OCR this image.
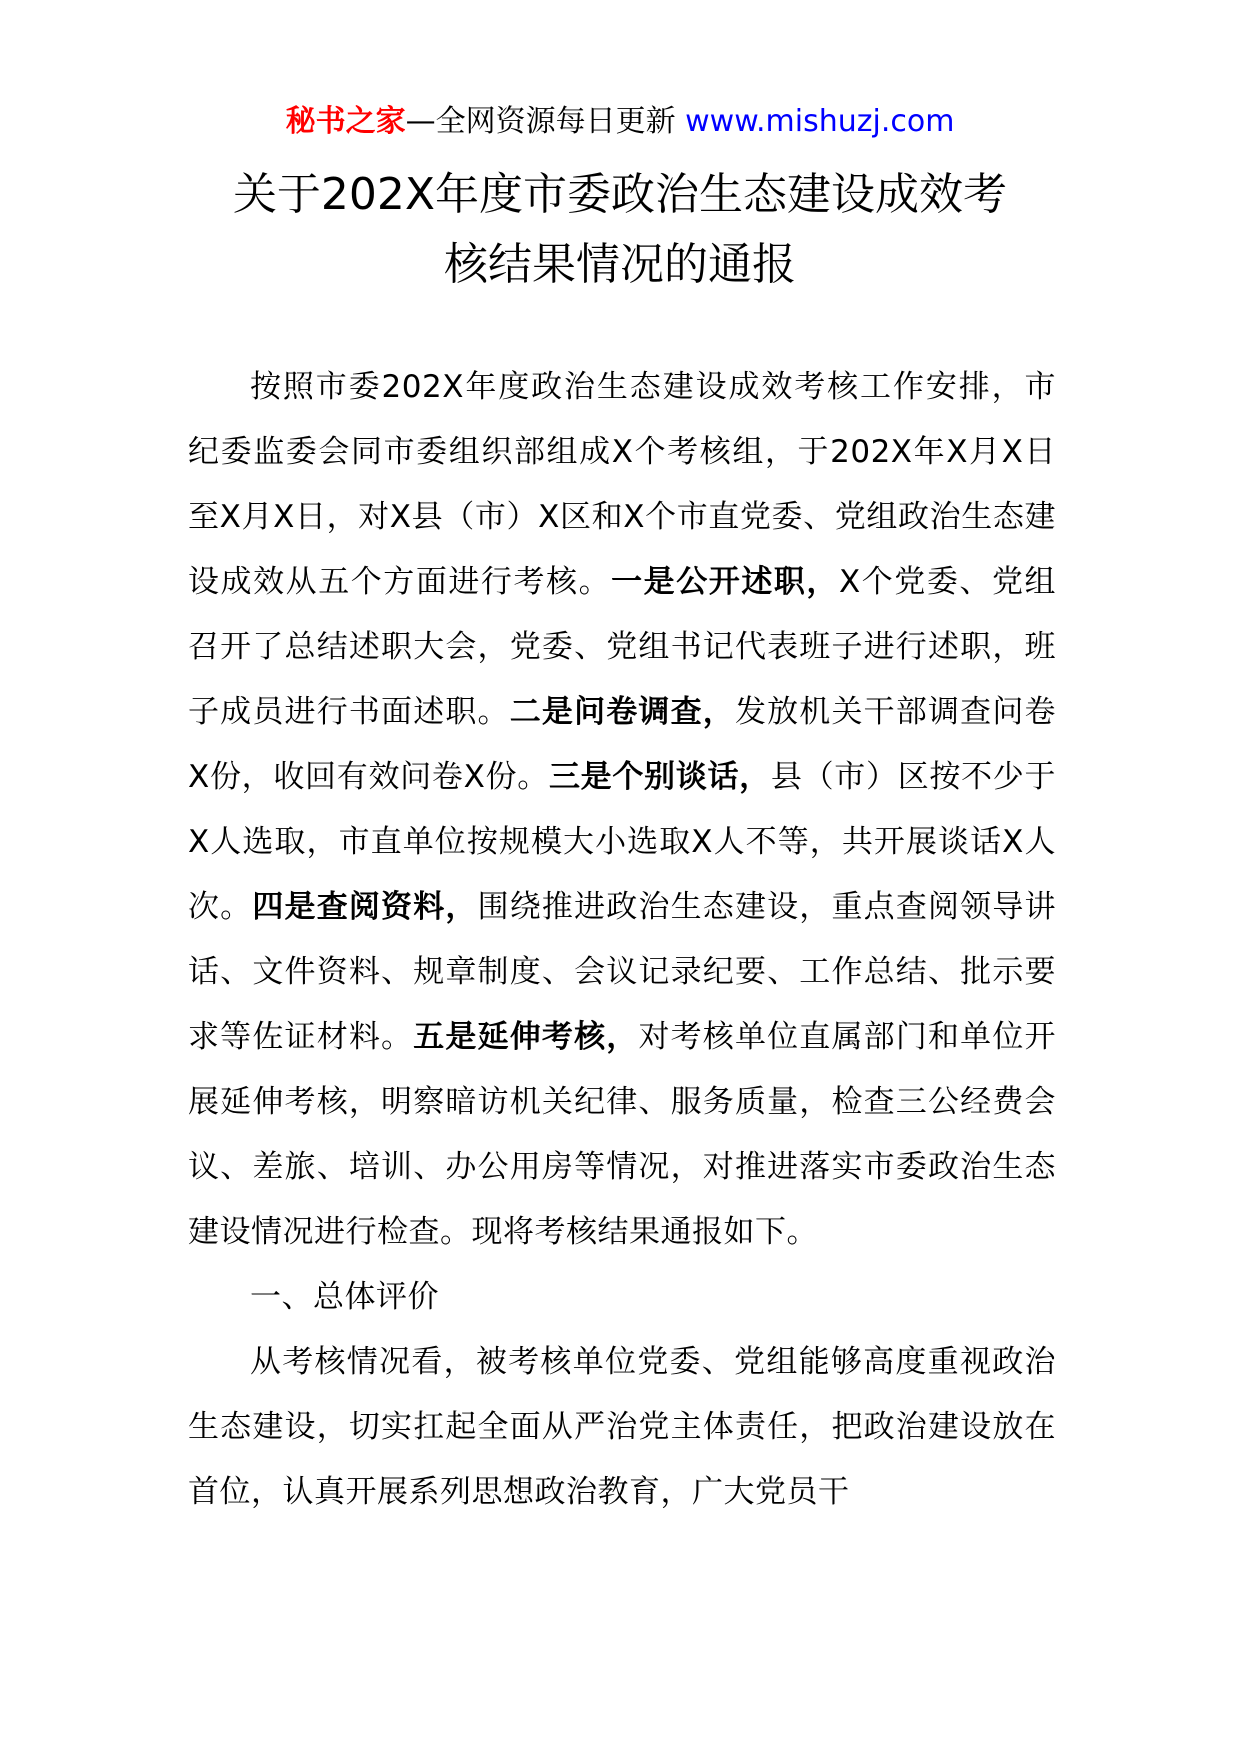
秘书之家—全网资源每日更新 www.mishuzj.com
关于202X年度市委政治生态建设成效考
核结果情况的通报

按照市委202X年度政治生态建设成效考核工作安排，市纪委监委会同市委组织部组成X个考核组，于202X年X月X日至X月X日，对X县（市）X区和X个市直党委、党组政治生态建设成效从五个方面进行考核。一是公开述职，X个党委、党组召开了总结述职大会，党委、党组书记代表班子进行述职，班子成员进行书面述职。二是问卷调查，发放机关干部调查问卷X份，收回有效问卷X份。三是个别谈话，县（市）区按不少于X人选取，市直单位按规模大小选取X人不等，共开展谈话X人次。四是查阅资料，围绕推进政治生态建设，重点查阅领导讲话、文件资料、规章制度、会议记录纪要、工作总结、批示要求等佐证材料。五是延伸考核，对考核单位直属部门和单位开展延伸考核，明察暗访机关纪律、服务质量，检查三公经费会议、差旅、培训、办公用房等情况，对推进落实市委政治生态建设情况进行检查。现将考核结果通报如下。

一、总体评价

从考核情况看，被考核单位党委、党组能够高度重视政治生态建设，切实扛起全面从严治党主体责任，把政治建设放在首位，认真开展系列思想政治教育，广大党员干
